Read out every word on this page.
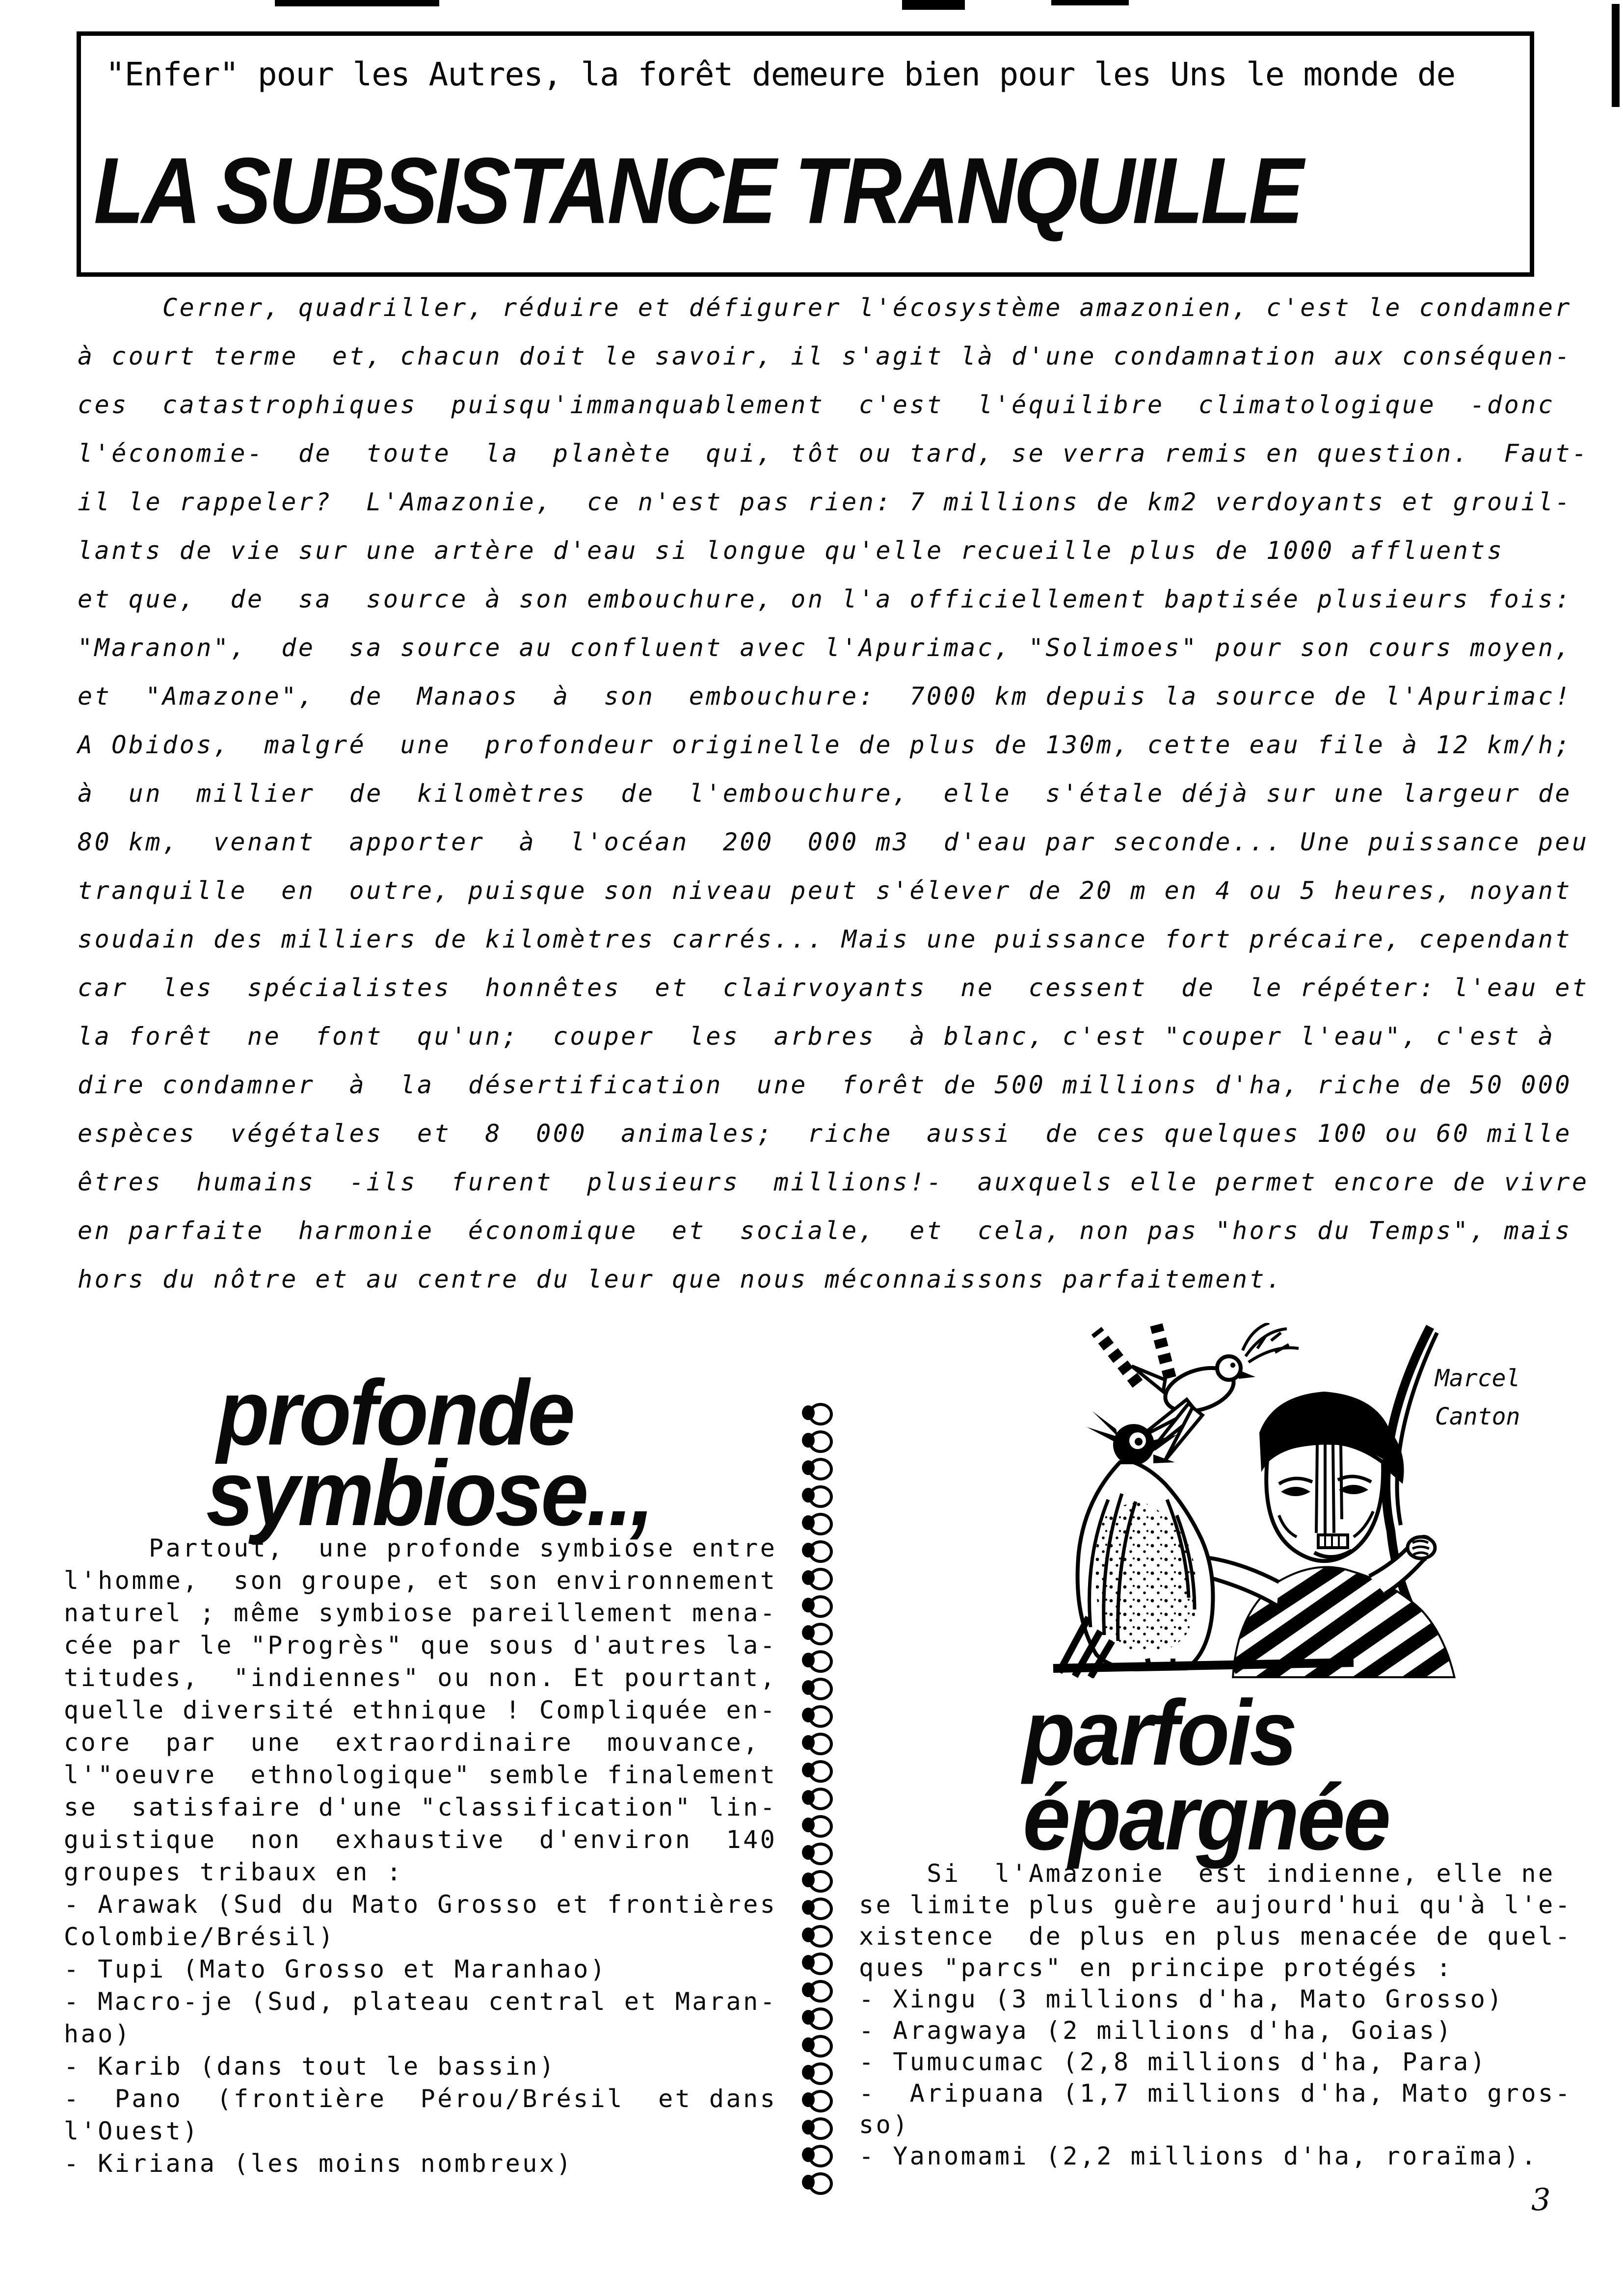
"Enfer" pour les Autres, la forêt demeure bien pour les Uns le monde de
LA SUBSISTANCE TRANQUILLE
Cerner, quadriller, réduire et défigurer l'écosystème amazonien, c'est le condamner
à court terme  et, chacun doit le savoir, il s'agit là d'une condamnation aux conséquen-
ces  catastrophiques  puisqu'immanquablement  c'est  l'équilibre  climatologique  -donc
l'économie-  de  toute  la  planète  qui, tôt ou tard, se verra remis en question.  Faut-
il le rappeler?  L'Amazonie,  ce n'est pas rien: 7 millions de km2 verdoyants et grouil-
lants de vie sur une artère d'eau si longue qu'elle recueille plus de 1000 affluents
et que,  de  sa  source à son embouchure, on l'a officiellement baptisée plusieurs fois:
"Maranon",  de  sa source au confluent avec l'Apurimac, "Solimoes" pour son cours moyen,
et  "Amazone",  de  Manaos  à  son  embouchure:  7000 km depuis la source de l'Apurimac!
A Obidos,  malgré  une  profondeur originelle de plus de 130m, cette eau file à 12 km/h;
à  un  millier  de  kilomètres  de  l'embouchure,  elle  s'étale déjà sur une largeur de
80 km,  venant  apporter  à  l'océan  200  000 m3  d'eau par seconde... Une puissance peu
tranquille  en  outre, puisque son niveau peut s'élever de 20 m en 4 ou 5 heures, noyant
soudain des milliers de kilomètres carrés... Mais une puissance fort précaire, cependant
car  les  spécialistes  honnêtes  et  clairvoyants  ne  cessent  de  le répéter: l'eau et
la forêt  ne  font  qu'un;  couper  les  arbres  à blanc, c'est "couper l'eau", c'est à
dire condamner  à  la  désertification  une  forêt de 500 millions d'ha, riche de 50 000
espèces  végétales  et  8  000  animales;  riche  aussi  de ces quelques 100 ou 60 mille
êtres  humains  -ils  furent  plusieurs  millions!-  auxquels elle permet encore de vivre
en parfaite  harmonie  économique  et  sociale,  et  cela, non pas "hors du Temps", mais
hors du nôtre et au centre du leur que nous méconnaissons parfaitement.
profonde
symbiose..,
Partout,  une profonde symbiose entre
l'homme,  son groupe, et son environnement
naturel ; même symbiose pareillement mena-
cée par le "Progrès" que sous d'autres la-
titudes,  "indiennes" ou non. Et pourtant,
quelle diversité ethnique ! Compliquée en-
core  par  une  extraordinaire  mouvance,
l'"oeuvre  ethnologique" semble finalement
se  satisfaire d'une "classification" lin-
guistique  non  exhaustive  d'environ  140
groupes tribaux en :
- Arawak (Sud du Mato Grosso et frontières
Colombie/Brésil)
- Tupi (Mato Grosso et Maranhao)
- Macro-je (Sud, plateau central et Maran-
hao)
- Karib (dans tout le bassin)
-  Pano  (frontière  Pérou/Brésil  et dans
l'Ouest)
- Kiriana (les moins nombreux)
Marcel
Canton
parfois
épargnée
Si  l'Amazonie  est indienne, elle ne
se limite plus guère aujourd'hui qu'à l'e-
xistence  de plus en plus menacée de quel-
ques "parcs" en principe protégés :
- Xingu (3 millions d'ha, Mato Grosso)
- Aragwaya (2 millions d'ha, Goias)
- Tumucumac (2,8 millions d'ha, Para)
-  Aripuana (1,7 millions d'ha, Mato gros-
so)
- Yanomami (2,2 millions d'ha, roraïma).
3
